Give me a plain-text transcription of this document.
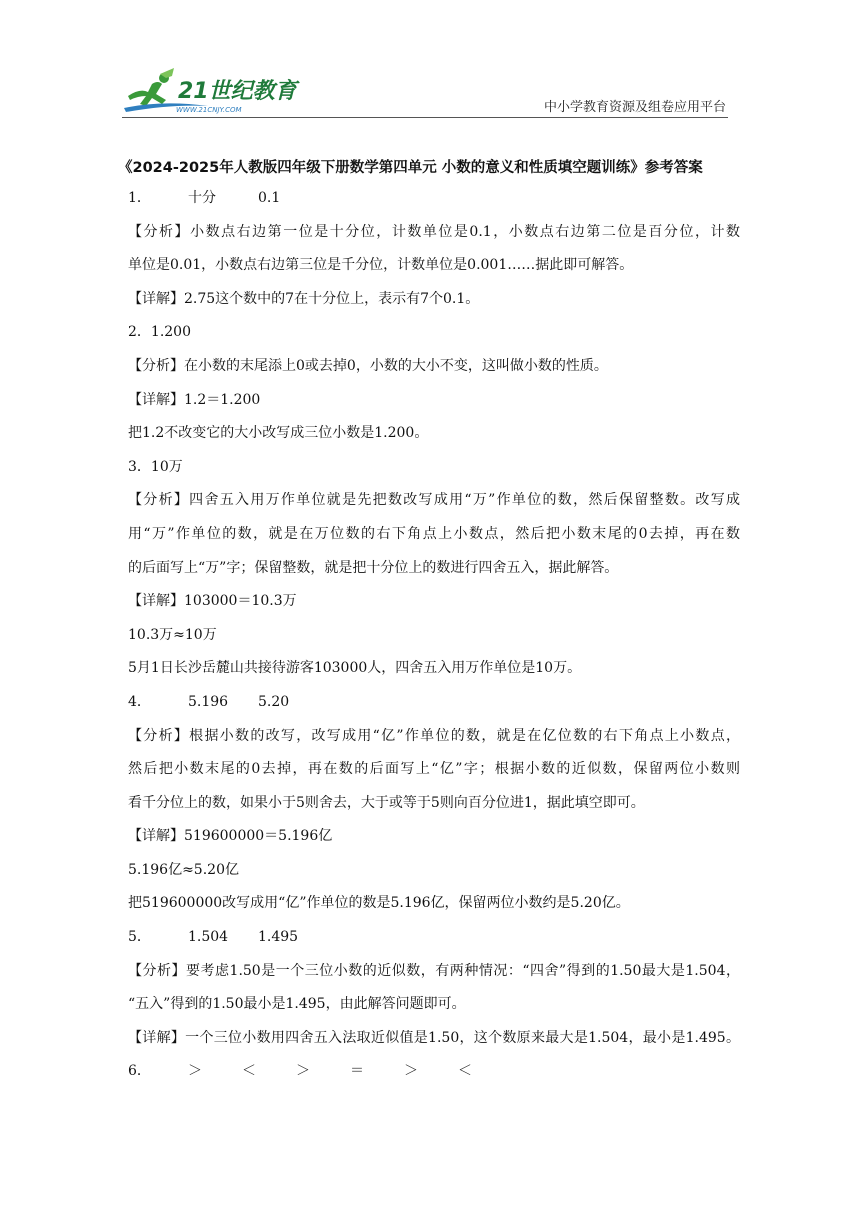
21世纪教育
WWW.21CNJY.COM	中小学教育资源及组卷应用平台
《2024-2025年人教版四年级下册数学第四单元 小数的意义和性质填空题训练》参考答案
1．	十分	0.1
【分析】小数点右边第一位是十分位，计数单位是0.1，小数点右边第二位是百分位，计数
单位是0.01，小数点右边第三位是千分位，计数单位是0.001……据此即可解答。
【详解】2.75这个数中的7在十分位上，表示有7个0.1。
2．1.200
【分析】在小数的末尾添上0或去掉0，小数的大小不变，这叫做小数的性质。
【详解】1.2＝1.200
把1.2不改变它的大小改写成三位小数是1.200。
3．10万
【分析】四舍五入用万作单位就是先把数改写成用“万”作单位的数，然后保留整数。改写成
用“万”作单位的数，就是在万位数的右下角点上小数点，然后把小数末尾的0去掉，再在数
的后面写上“万”字；保留整数，就是把十分位上的数进行四舍五入，据此解答。
【详解】103000＝10.3万
10.3万≈10万
5月1日长沙岳麓山共接待游客103000人，四舍五入用万作单位是10万。
4．	5.196 5.20
【分析】根据小数的改写，改写成用“亿”作单位的数，就是在亿位数的右下角点上小数点，
然后把小数末尾的0去掉，再在数的后面写上“亿”字；根据小数的近似数，保留两位小数则
看千分位上的数，如果小于5则舍去，大于或等于5则向百分位进1，据此填空即可。
【详解】519600000＝5.196亿
5.196亿≈5.20亿
把519600000改写成用“亿”作单位的数是5.196亿，保留两位小数约是5.20亿。
5．	1.504 1.495
【分析】要考虑1.50是一个三位小数的近似数，有两种情况：“四舍”得到的1.50最大是1.504，
“五入”得到的1.50最小是1.495，由此解答问题即可。
【详解】一个三位小数用四舍五入法取近似值是1.50，这个数原来最大是1.504，最小是1.495。
6．	＞	＜	＞	＝	＞	＜
